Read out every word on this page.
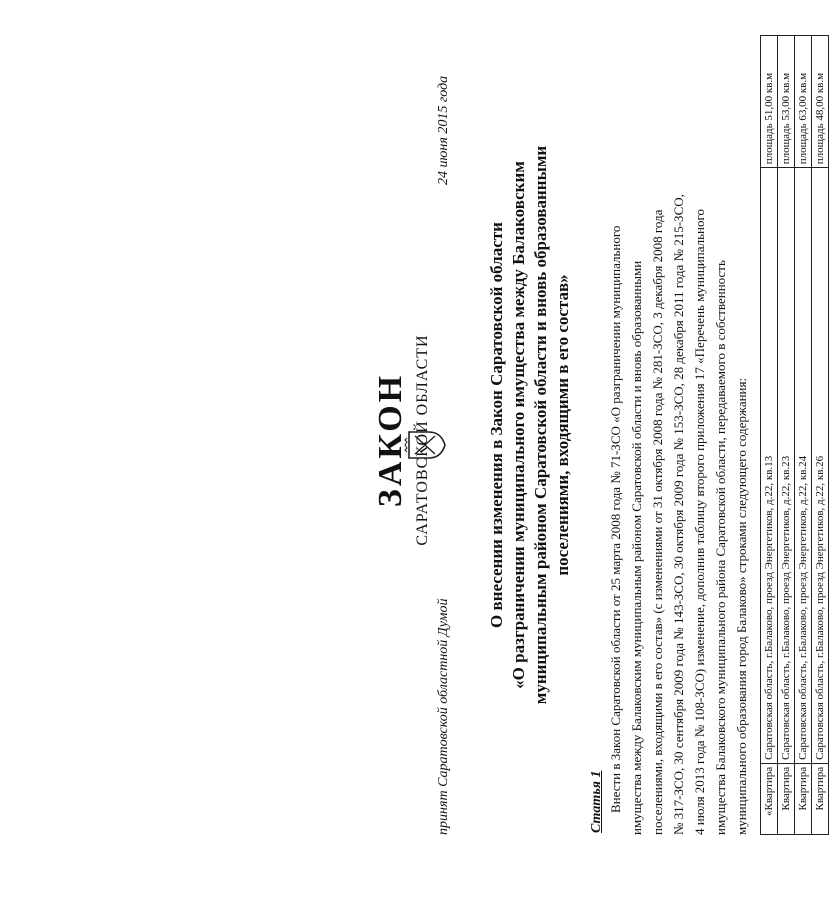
ЗАКОН САРАТОВСКОЙ ОБЛАСТИ
принят Саратовской областной Думой
24 июня 2015 года
О внесении изменения в Закон Саратовской области «О разграничении муниципального имущества между Балаковским муниципальным районом Саратовской области и вновь образованными поселениями, входящими в его состав»
Статья 1 Внести в Закон Саратовской области от 25 марта 2008 года № 71-ЗСО «О разграничении муниципального имущества между Балаковским муниципальным районом Саратовской области и вновь образованными поселениями, входящими в его состав» (с изменениями от 31 октября 2008 года № 281-ЗСО, 3 декабря 2008 года № 317-ЗСО, 30 сентября 2009 года № 143-ЗСО, 30 октября 2009 года № 153-ЗСО, 28 декабря 2011 года № 215-ЗСО, 4 июля 2013 года № 108-ЗСО) изменение, дополнив таблицу второго приложения 17 «Перечень муниципального имущества Балаковского муниципального района Саратовской области, передаваемого в собственность муниципального образования город Балаково» строками следующего содержания: «Квартира	Саратовская область, г.Балаково, проезд Энергетиков, д.22, кв.13	площадь 51,00 кв.м
Квартира	Саратовская область, г.Балаково, проезд Энергетиков, д.22, кв.23	площадь 53,00 кв.м
Квартира	Саратовская область, г.Балаково, проезд Энергетиков, д.22, кв.24	площадь 63,00 кв.м
Квартира	Саратовская область, г.Балаково, проезд Энергетиков, д.22, кв.26	площадь 48,00 кв.м
